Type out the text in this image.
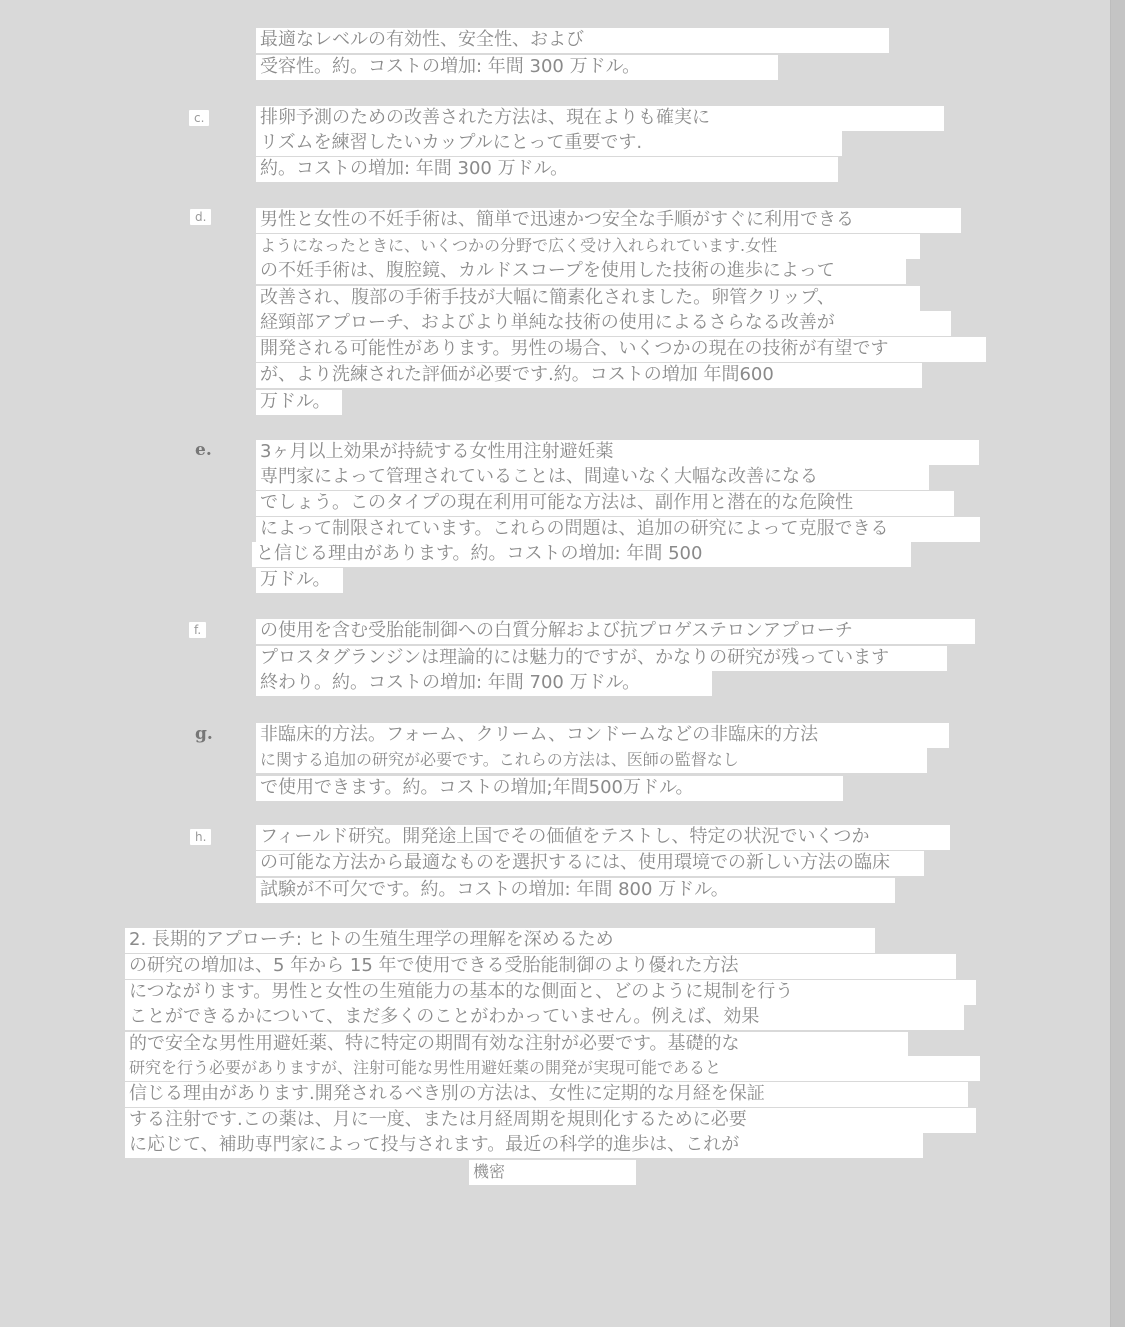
最適なレベルの有効性、安全性、および
受容性。約。コストの増加: 年間 300 万ドル。
c.	排卵予測のための改善された方法は、現在よりも確実に
リズムを練習したいカップルにとって重要です.
約。コストの増加: 年間 300 万ドル。
d.	男性と女性の不妊手術は、簡単で迅速かつ安全な手順がすぐに利用できる
ようになったときに、いくつかの分野で広く受け入れられています.女性
の不妊手術は、腹腔鏡、カルドスコープを使用した技術の進歩によって
改善され、腹部の手術手技が大幅に簡素化されました。卵管クリップ、
経頸部アプローチ、およびより単純な技術の使用によるさらなる改善が
開発される可能性があります。男性の場合、いくつかの現在の技術が有望です
が、より洗練された評価が必要です.約。コストの増加 年間600
万ドル。
e.	3ヶ月以上効果が持続する女性用注射避妊薬
専門家によって管理されていることは、間違いなく大幅な改善になる
でしょう。このタイプの現在利用可能な方法は、副作用と潜在的な危険性
によって制限されています。これらの問題は、追加の研究によって克服できる
と信じる理由があります。約。コストの増加: 年間 500
万ドル。
f.	の使用を含む受胎能制御への白質分解および抗プロゲステロンアプローチ
プロスタグランジンは理論的には魅力的ですが、かなりの研究が残っています
終わり。約。コストの増加: 年間 700 万ドル。
g.	非臨床的方法。フォーム、クリーム、コンドームなどの非臨床的方法
に関する追加の研究が必要です。これらの方法は、医師の監督なし
で使用できます。約。コストの増加;年間500万ドル。
h.	フィールド研究。開発途上国でその価値をテストし、特定の状況でいくつか
の可能な方法から最適なものを選択するには、使用環境での新しい方法の臨床
試験が不可欠です。約。コストの増加: 年間 800 万ドル。
2. 長期的アプローチ: ヒトの生殖生理学の理解を深めるため
の研究の増加は、5 年から 15 年で使用できる受胎能制御のより優れた方法
につながります。男性と女性の生殖能力の基本的な側面と、どのように規制を行う
ことができるかについて、まだ多くのことがわかっていません。例えば、効果
的で安全な男性用避妊薬、特に特定の期間有効な注射が必要です。基礎的な
研究を行う必要がありますが、注射可能な男性用避妊薬の開発が実現可能であると
信じる理由があります.開発されるべき別の方法は、女性に定期的な月経を保証
する注射です.この薬は、月に一度、または月経周期を規則化するために必要
に応じて、補助専門家によって投与されます。最近の科学的進歩は、これが
機密
